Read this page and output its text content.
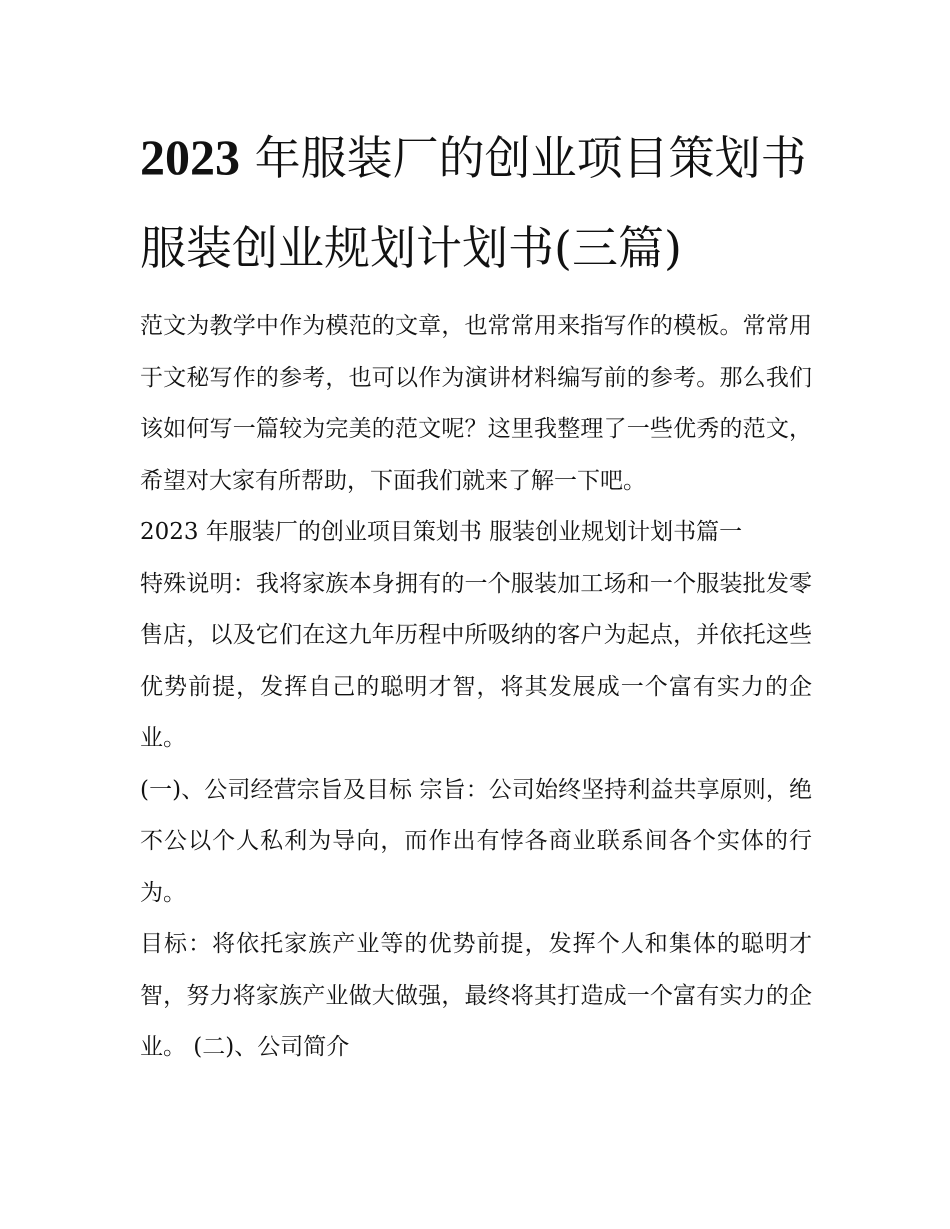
2023 年服装厂的创业项目策划书 服装创业规划计划书(三篇)

范文为教学中作为模范的文章，也常常用来指写作的模板。常常用于文秘写作的参考，也可以作为演讲材料编写前的参考。那么我们该如何写一篇较为完美的范文呢？这里我整理了一些优秀的范文，希望对大家有所帮助，下面我们就来了解一下吧。

2023 年服装厂的创业项目策划书 服装创业规划计划书篇一

特殊说明：我将家族本身拥有的一个服装加工场和一个服装批发零售店，以及它们在这九年历程中所吸纳的客户为起点，并依托这些优势前提，发挥自己的聪明才智，将其发展成一个富有实力的企业。

(一)、公司经营宗旨及目标 宗旨：公司始终坚持利益共享原则，绝不公以个人私利为导向，而作出有悖各商业联系间各个实体的行为。

目标：将依托家族产业等的优势前提，发挥个人和集体的聪明才智，努力将家族产业做大做强，最终将其打造成一个富有实力的企业。 (二)、公司简介
